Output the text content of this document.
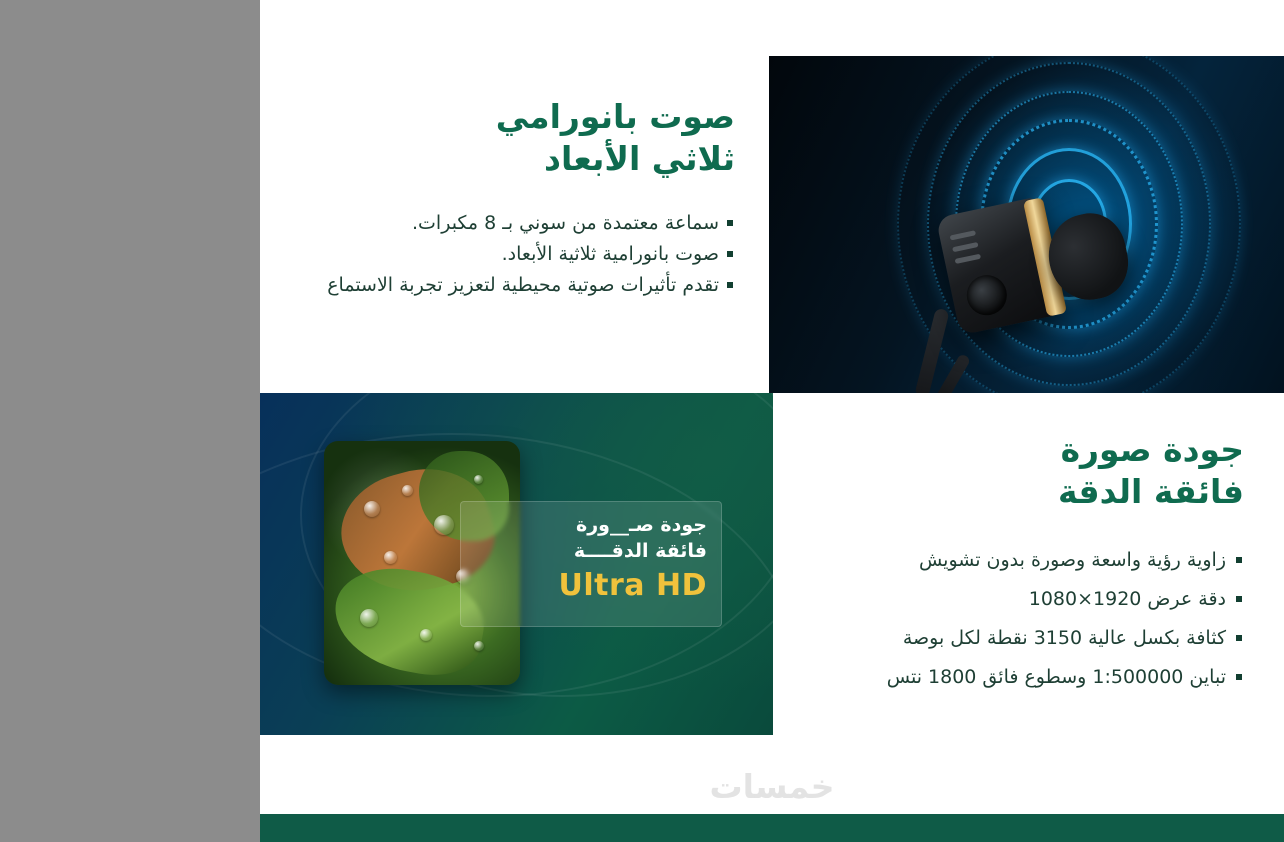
صوت بانورامي
ثلاثي الأبعاد
سماعة معتمدة من سوني بـ 8 مكبرات.
صوت بانورامية ثلاثية الأبعاد.
تقدم تأثيرات صوتية محيطية لتعزيز تجربة الاستماع
جودة صورة
فائقة الدقة
زاوية رؤية واسعة وصورة بدون تشويش
دقة عرض 1920×1080
كثافة بكسل عالية 3150 نقطة لكل بوصة
تباين 1:500000 وسطوع فائق 1800 نتس
جودة صـ__ورة
فائقة الدقــــة
Ultra HD
خمسات
